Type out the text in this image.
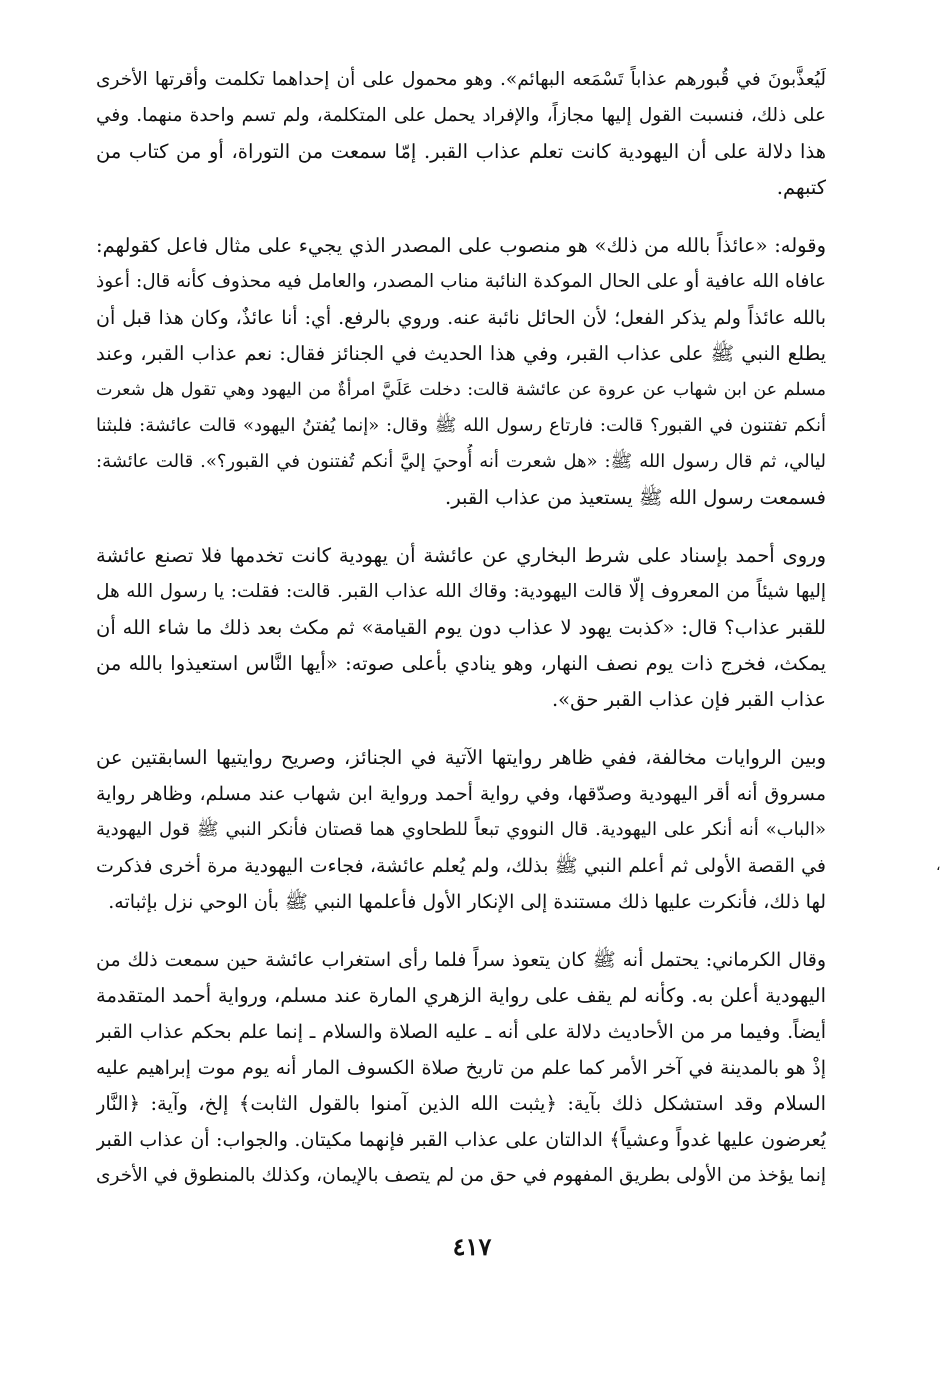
لَيُعذَّبونَ في قُبورهم عذاباً تَسْمَعه البهائم». وهو محمول على أن إحداهما تكلمت وأقرتها الأخرى
على ذلك، فنسبت القول إليها مجازاً، والإفراد يحمل على المتكلمة، ولم تسم واحدة منهما. وفي
هذا دلالة على أن اليهودية كانت تعلم عذاب القبر. إمّا سمعت من التوراة، أو من كتاب من
كتبهم.
وقوله: «عائذاً بالله من ذلك» هو منصوب على المصدر الذي يجيء على مثال فاعل كقولهم:
عافاه الله عافية أو على الحال الموكدة النائبة مناب المصدر، والعامل فيه محذوف كأنه قال: أعوذ
بالله عائذاً ولم يذكر الفعل؛ لأن الحائل نائبة عنه. وروي بالرفع. أي: أنا عائذٌ، وكان هذا قبل أن
يطلع النبي ﷺ على عذاب القبر، وفي هذا الحديث في الجنائز فقال: نعم عذاب القبر، وعند
مسلم عن ابن شهاب عن عروة عن عائشة قالت: دخلت عَلَيَّ امرأةٌ من اليهود وهي تقول هل شعرت
أنكم تفتنون في القبور؟ قالت: فارتاع رسول الله ﷺ وقال: «إنما يُفتنُ اليهود» قالت عائشة: فلبثنا
ليالي، ثم قال رسول الله ﷺ: «هل شعرت أنه أُوحيَ إليَّ أنكم تُفتنون في القبور؟». قالت عائشة:
فسمعت رسول الله ﷺ يستعيذ من عذاب القبر.
وروى أحمد بإسناد على شرط البخاري عن عائشة أن يهودية كانت تخدمها فلا تصنع عائشة
إليها شيئاً من المعروف إلّا قالت اليهودية: وقاك الله عذاب القبر. قالت: فقلت: يا رسول الله هل
للقبر عذاب؟ قال: «كذبت يهود لا عذاب دون يوم القيامة» ثم مكث بعد ذلك ما شاء الله أن
يمكث، فخرج ذات يوم نصف النهار، وهو ينادي بأعلى صوته: «أيها النَّاس استعيذوا بالله من
عذاب القبر فإن عذاب القبر حق».
وبين الروايات مخالفة، ففي ظاهر روايتها الآتية في الجنائز، وصريح روايتيها السابقتين عن
مسروق أنه أقر اليهودية وصدّقها، وفي رواية أحمد ورواية ابن شهاب عند مسلم، وظاهر رواية
«الباب» أنه أنكر على اليهودية. قال النووي تبعاً للطحاوي هما قصتان فأنكر النبي ﷺ قول اليهودية
في القصة الأولى ثم أعلم النبي ﷺ بذلك، ولم يُعلم عائشة، فجاءت اليهودية مرة أخرى فذكرت
لها ذلك، فأنكرت عليها ذلك مستندة إلى الإنكار الأول فأعلمها النبي ﷺ بأن الوحي نزل بإثباته.
وقال الكرماني: يحتمل أنه ﷺ كان يتعوذ سراً فلما رأى استغراب عائشة حين سمعت ذلك من
اليهودية أعلن به. وكأنه لم يقف على رواية الزهري المارة عند مسلم، ورواية أحمد المتقدمة
أيضاً. وفيما مر من الأحاديث دلالة على أنه ـ عليه الصلاة والسلام ـ إنما علم بحكم عذاب القبر
إذْ هو بالمدينة في آخر الأمر كما علم من تاريخ صلاة الكسوف المار أنه يوم موت إبراهيم عليه
السلام وقد استشكل ذلك بآية: ﴿يثبت الله الذين آمنوا بالقول الثابت﴾ إلخ، وآية: ﴿النَّار
يُعرضون عليها غدواً وعشياً﴾ الدالتان على عذاب القبر فإنهما مكيتان. والجواب: أن عذاب القبر
إنما يؤخذ من الأولى بطريق المفهوم في حق من لم يتصف بالإيمان، وكذلك بالمنطوق في الأخرى
٤١٧
،
